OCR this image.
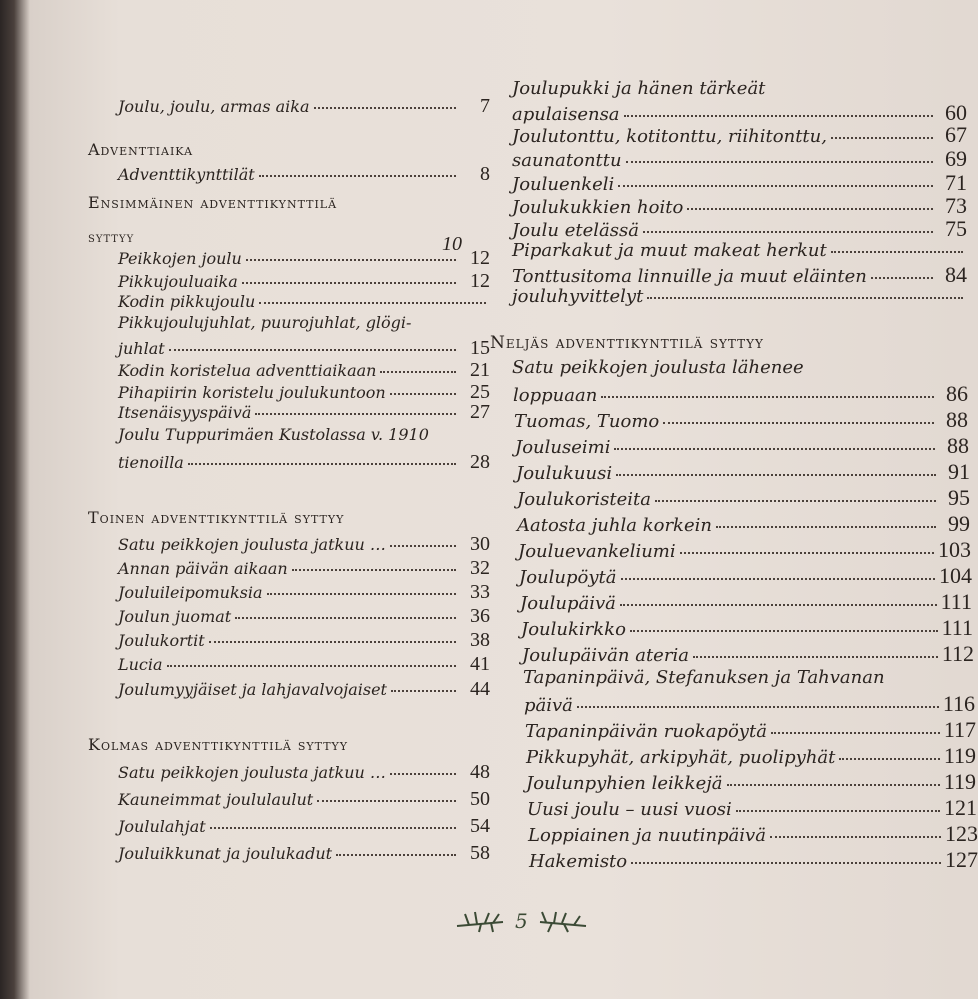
Joulu, joulu, armas aika	7
Adventtiaika
Adventtikynttilät	8
Ensimmäinen adventtikynttilä
syttyy	10
Peikkojen joulu	12
Pikkujouluaika	12
Kodin pikkujoulu
Pikkujoulujuhlat, puurojuhlat, glögi-
juhlat	15
Kodin koristelua adventtiaikaan	21
Pihapiirin koristelu joulukuntoon	25
Itsenäisyyspäivä	27
Joulu Tuppurimäen Kustolassa v. 1910
tienoilla	28
Toinen adventtikynttilä syttyy
Satu peikkojen joulusta jatkuu …	30
Annan päivän aikaan	32
Jouluileipomuksia	33
Joulun juomat	36
Joulukortit	38
Lucia	41
Joulumyyjäiset ja lahjavalvojaiset	44
Kolmas adventtikynttilä syttyy
Satu peikkojen joulusta jatkuu …	48
Kauneimmat joululaulut	50
Joululahjat	54
Jouluikkunat ja joulukadut	58
Joulupukki ja hänen tärkeät
apulaisensa	60
Joulutonttu, kotitonttu, riihitonttu,	67
saunatonttu	69
Jouluenkeli	71
Joulukukkien hoito	73
Joulu etelässä	75
Piparkakut ja muut makeat herkut
Tonttusitoma linnuille ja muut eläinten	84
jouluhyvittelyt
Neljäs adventtikynttilä syttyy
Satu peikkojen joulusta lähenee
loppuaan	86
Tuomas, Tuomo	88
Jouluseimi	88
Joulukuusi	91
Joulukoristeita	95
Aatosta juhla korkein	99
Jouluevankeliumi	103
Joulupöytä	104
Joulupäivä	111
Joulukirkko	111
Joulupäivän ateria	112
Tapaninpäivä, Stefanuksen ja Tahvanan
päivä	116
Tapaninpäivän ruokapöytä	117
Pikkupyhät, arkipyhät, puolipyhät	119
Joulunpyhien leikkejä	119
Uusi joulu – uusi vuosi	121
Loppiainen ja nuutinpäivä	123
Hakemisto	127
5
